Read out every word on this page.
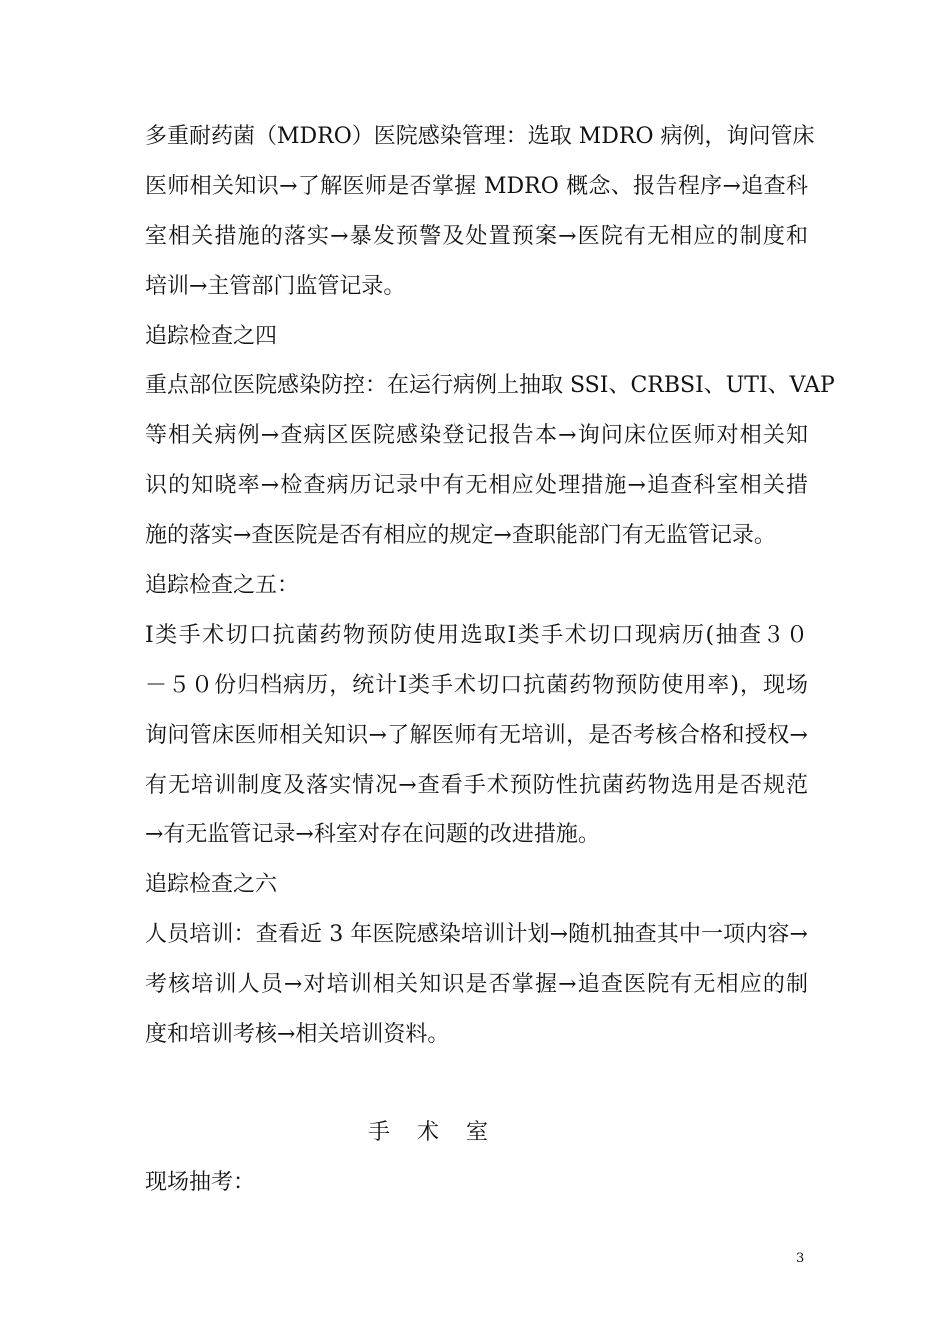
多重耐药菌（MDRO）医院感染管理：选取 MDRO 病例，询问管床
医师相关知识→了解医师是否掌握 MDRO 概念、报告程序→追查科
室相关措施的落实→暴发预警及处置预案→医院有无相应的制度和
培训→主管部门监管记录。
追踪检查之四
重点部位医院感染防控：在运行病例上抽取 SSI、CRBSI、UTI、VAP
等相关病例→查病区医院感染登记报告本→询问床位医师对相关知
识的知晓率→检查病历记录中有无相应处理措施→追查科室相关措
施的落实→查医院是否有相应的规定→查职能部门有无监管记录。
追踪检查之五：
Ⅰ类手术切口抗菌药物预防使用选取Ⅰ类手术切口现病历(抽查３０
－５０份归档病历，统计Ⅰ类手术切口抗菌药物预防使用率)，现场
询问管床医师相关知识→了解医师有无培训，是否考核合格和授权→
有无培训制度及落实情况→查看手术预防性抗菌药物选用是否规范
→有无监管记录→科室对存在问题的改进措施。
追踪检查之六
人员培训：查看近 3 年医院感染培训计划→随机抽查其中一项内容→
考核培训人员→对培训相关知识是否掌握→追查医院有无相应的制
度和培训考核→相关培训资料。
手 术 室
现场抽考：
3
